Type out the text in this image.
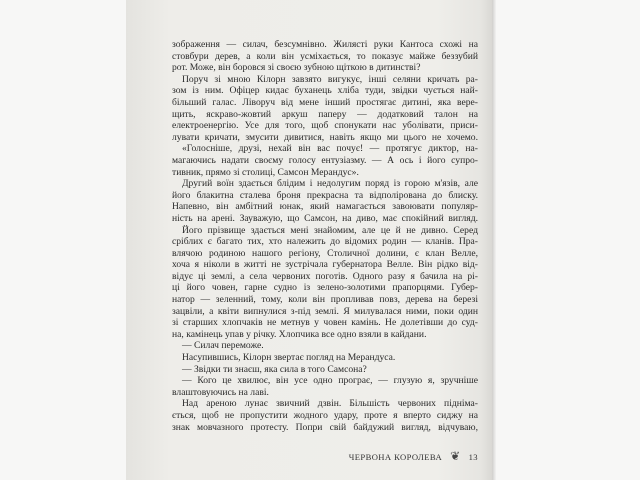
зображення — силач, безсумнівно. Жилясті руки Кантоса схожі на
стовбури дерев, а коли він усміхається, то показує майже беззубий
рот. Може, він боровся зі своєю зубною щіткою в дитинстві?
Поруч зі мною Кілорн завзято вигукує, інші селяни кричать ра-
зом із ним. Офіцер кидає буханець хліба туди, звідки чується най-
більший галас. Ліворуч від мене інший простягає дитині, яка вере-
щить, яскраво-жовтий аркуш паперу — додатковий талон на
електроенергію. Усе для того, щоб спонукати нас уболівати, приси-
лувати кричати, змусити дивитися, навіть якщо ми цього не хочемо.
«Голосніше, друзі, нехай він вас почує! — протягує диктор, на-
магаючись надати своєму голосу ентузіазму. — А ось і його супро-
тивник, прямо зі столиці, Самсон Мерандус».
Другий воїн здається блідим і недолугим поряд із горою м'язів, але
його блакитна сталева броня прекрасна та відполірована до блиску.
Напевно, він амбітний юнак, який намагається завоювати популяр-
ність на арені. Зауважую, що Самсон, на диво, має спокійний вигляд.
Його прізвище здається мені знайомим, але це й не дивно. Серед
сріблих є багато тих, хто належить до відомих родин — кланів. Пра-
влячою родиною нашого регіону, Столичної долини, є клан Велле,
хоча я ніколи в житті не зустрічала губернатора Велле. Він рідко від-
відує ці землі, а села червоних поготів. Одного разу я бачила на рі-
ці його човен, гарне судно із зелено-золотими прапорцями. Губер-
натор — зеленний, тому, коли він пропливав повз, дерева на березі
зацвіли, а квіти випнулися з-під землі. Я милувалася ними, поки один
зі старших хлопчаків не метнув у човен камінь. Не долетівши до суд-
на, камінець упав у річку. Хлопчика все одно взяли в кайдани.
— Силач переможе.
Насупившись, Кілорн звертає погляд на Мерандуса.
— Звідки ти знаєш, яка сила в того Самсона?
— Кого це хвилює, він усе одно програє, — глузую я, зручніше
влаштовуючись на лаві.
Над ареною лунає звичний дзвін. Більшість червоних підніма-
ється, щоб не пропустити жодного удару, проте я вперто сиджу на
знак мовчазного протесту. Попри свій байдужий вигляд, відчуваю,
ЧЕРВОНА КОРОЛЕВА ❦ 13
